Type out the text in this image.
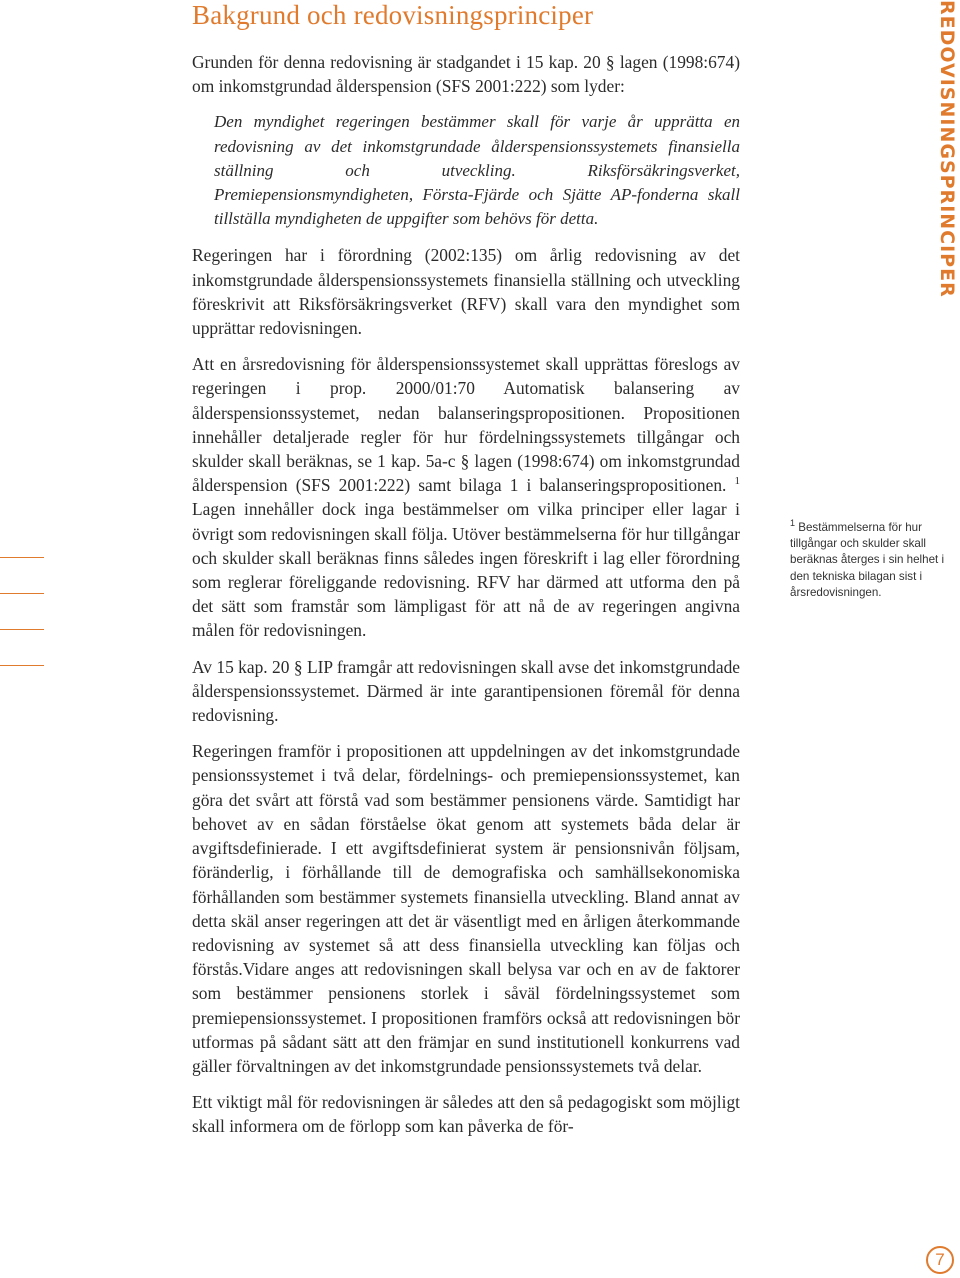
Bakgrund och redovisningsprinciper	REDOVISNINGSPRINCIPER

Grunden för denna redovisning är stadgandet i 15 kap. 20 § lagen (1998:674) om inkomstgrundad ålderspension (SFS 2001:222) som lyder:

Den myndighet regeringen bestämmer skall för varje år upprätta en redovisning av det inkomstgrundade ålderspensionssystemets finansiella ställning och utveckling. Riksförsäkringsverket, Premiepensionsmyndigheten, Första-Fjärde och Sjätte AP-fonderna skall tillställa myndigheten de uppgifter som behövs för detta.

Regeringen har i förordning (2002:135) om årlig redovisning av det inkomstgrundade ålderspensionssystemets finansiella ställning och utveckling föreskrivit att Riksförsäkringsverket (RFV) skall vara den myndighet som upprättar redovisningen.

Att en årsredovisning för ålderspensionssystemet skall upprättas föreslogs av regeringen i prop. 2000/01:70 Automatisk balansering av ålderspensionssystemet, nedan balanseringspropositionen. Propositionen innehåller detaljerade regler för hur fördelningssystemets tillgångar och skulder skall beräknas, se 1 kap. 5a-c § lagen (1998:674) om inkomstgrundad ålderspension (SFS 2001:222) samt bilaga 1 i balanseringspropositionen. $^1$ Lagen innehåller dock inga bestämmelser om vilka principer eller lagar i övrigt som redovisningen skall följa. Utöver bestämmelserna för hur tillgångar och skulder skall beräknas finns således ingen föreskrift i lag eller förordning som reglerar föreliggande redovisning. RFV har därmed att utforma den på det sätt som framstår som lämpligast för att nå de av regeringen angivna målen för redovisningen.

Av 15 kap. 20 § LIP framgår att redovisningen skall avse det inkomstgrundade ålderspensionssystemet. Därmed är inte garantipensionen föremål för denna redovisning.

Regeringen framför i propositionen att uppdelningen av det inkomstgrundade pensionssystemet i två delar, fördelnings- och premiepensionssystemet, kan göra det svårt att förstå vad som bestämmer pensionens värde. Samtidigt har behovet av en sådan förståelse ökat genom att systemets båda delar är avgiftsdefinierade. I ett avgiftsdefinierat system är pensionsnivån följsam, föränderlig, i förhållande till de demografiska och samhällsekonomiska förhållanden som bestämmer systemets finansiella utveckling. Bland annat av detta skäl anser regeringen att det är väsentligt med en årligen återkommande redovisning av systemet så att dess finansiella utveckling kan följas och förstås.Vidare anges att redovisningen skall belysa var och en av de faktorer som bestämmer pensionens storlek i såväl fördelningssystemet som premiepensionssystemet. I propositionen framförs också att redovisningen bör utformas på sådant sätt att den främjar en sund institutionell konkurrens vad gäller förvaltningen av det inkomstgrundade pensionssystemets två delar.

Ett viktigt mål för redovisningen är således att den så pedagogiskt som möjligt skall informera om de förlopp som kan påverka de för-

$^1$ Bestämmelserna för hur tillgångar och skulder skall beräknas återges i sin helhet i den tekniska bilagan sist i årsredovisningen.
7
